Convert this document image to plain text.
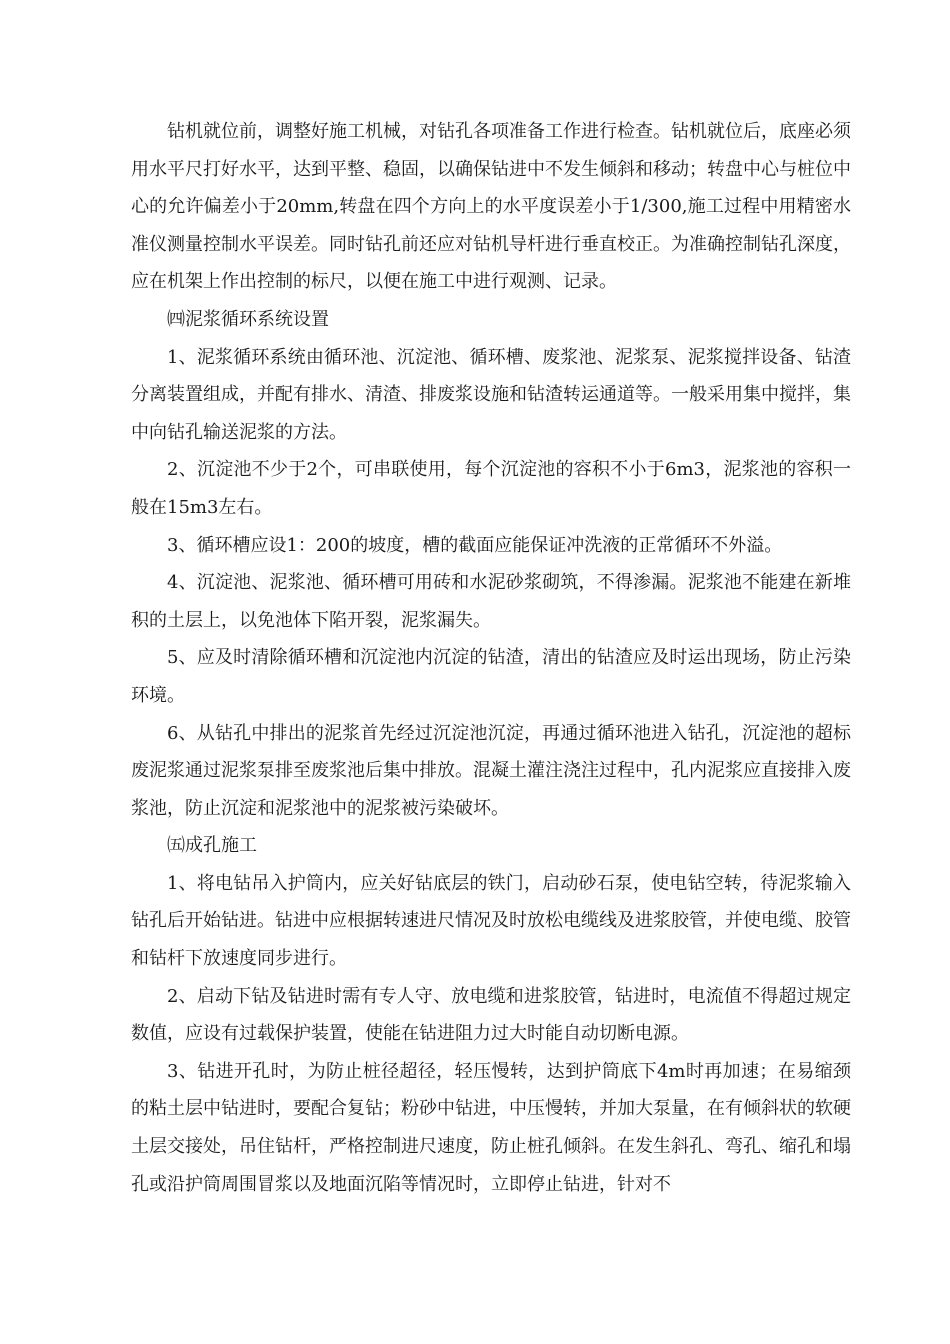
钻机就位前，调整好施工机械，对钻孔各项准备工作进行检查。钻机就位后，底座必须用水平尺打好水平，达到平整、稳固，以确保钻进中不发生倾斜和移动；转盘中心与桩位中心的允许偏差小于20mm,转盘在四个方向上的水平度误差小于1/300,施工过程中用精密水准仪测量控制水平误差。同时钻孔前还应对钻机导杆进行垂直校正。为准确控制钻孔深度，应在机架上作出控制的标尺，以便在施工中进行观测、记录。

㈣泥浆循环系统设置

1、泥浆循环系统由循环池、沉淀池、循环槽、废浆池、泥浆泵、泥浆搅拌设备、钻渣分离装置组成，并配有排水、清渣、排废浆设施和钻渣转运通道等。一般采用集中搅拌，集中向钻孔输送泥浆的方法。

2、沉淀池不少于2个，可串联使用，每个沉淀池的容积不小于6m3，泥浆池的容积一般在15m3左右。

3、循环槽应设1：200的坡度，槽的截面应能保证冲洗液的正常循环不外溢。

4、沉淀池、泥浆池、循环槽可用砖和水泥砂浆砌筑，不得渗漏。泥浆池不能建在新堆积的土层上，以免池体下陷开裂，泥浆漏失。

5、应及时清除循环槽和沉淀池内沉淀的钻渣，清出的钻渣应及时运出现场，防止污染环境。

6、从钻孔中排出的泥浆首先经过沉淀池沉淀，再通过循环池进入钻孔，沉淀池的超标废泥浆通过泥浆泵排至废浆池后集中排放。混凝土灌注浇注过程中，孔内泥浆应直接排入废浆池，防止沉淀和泥浆池中的泥浆被污染破坏。

㈤成孔施工

1、将电钻吊入护筒内，应关好钻底层的铁门，启动砂石泵，使电钻空转，待泥浆输入钻孔后开始钻进。钻进中应根据转速进尺情况及时放松电缆线及进浆胶管，并使电缆、胶管和钻杆下放速度同步进行。

2、启动下钻及钻进时需有专人守、放电缆和进浆胶管，钻进时，电流值不得超过规定数值，应设有过载保护装置，使能在钻进阻力过大时能自动切断电源。

3、钻进开孔时，为防止桩径超径，轻压慢转，达到护筒底下4m时再加速；在易缩颈的粘土层中钻进时，要配合复钻；粉砂中钻进，中压慢转，并加大泵量，在有倾斜状的软硬土层交接处，吊住钻杆，严格控制进尺速度，防止桩孔倾斜。在发生斜孔、弯孔、缩孔和塌孔或沿护筒周围冒浆以及地面沉陷等情况时，立即停止钻进，针对不
